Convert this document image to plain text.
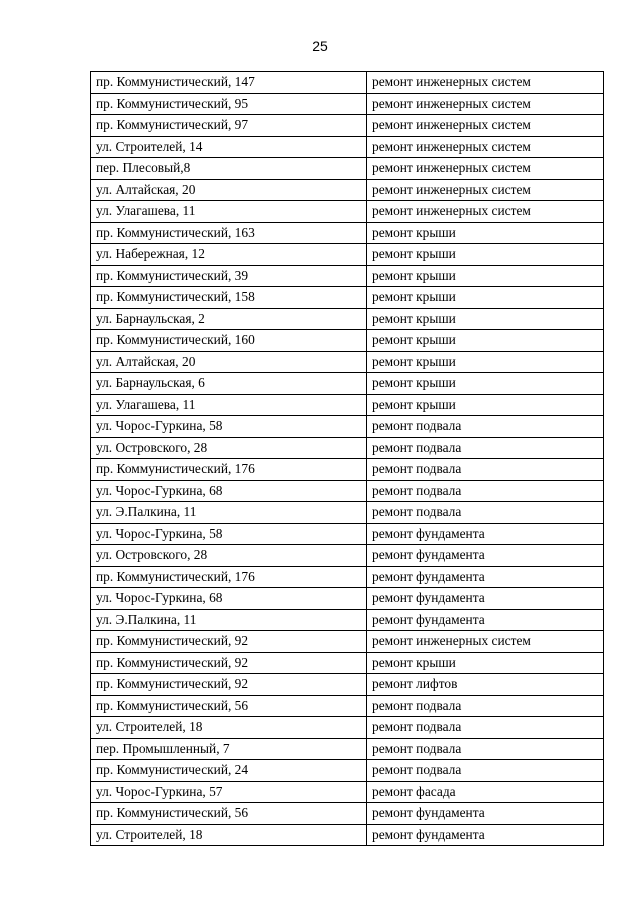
25
пр. Коммунистический, 147	ремонт инженерных систем
пр. Коммунистический, 95	ремонт инженерных систем
пр. Коммунистический, 97	ремонт инженерных систем
ул. Строителей, 14	ремонт инженерных систем
пер. Плесовый,8	ремонт инженерных систем
ул. Алтайская, 20	ремонт инженерных систем
ул. Улагашева, 11	ремонт инженерных систем
пр. Коммунистический, 163	ремонт крыши
ул. Набережная, 12	ремонт крыши
пр. Коммунистический, 39	ремонт крыши
пр. Коммунистический, 158	ремонт крыши
ул. Барнаульская, 2	ремонт крыши
пр. Коммунистический, 160	ремонт крыши
ул. Алтайская, 20	ремонт крыши
ул. Барнаульская, 6	ремонт крыши
ул. Улагашева, 11	ремонт крыши
ул. Чорос-Гуркина, 58	ремонт подвала
ул. Островского, 28	ремонт подвала
пр. Коммунистический, 176	ремонт подвала
ул. Чорос-Гуркина, 68	ремонт подвала
ул. Э.Палкина, 11	ремонт подвала
ул. Чорос-Гуркина, 58	ремонт фундамента
ул. Островского, 28	ремонт фундамента
пр. Коммунистический, 176	ремонт фундамента
ул. Чорос-Гуркина, 68	ремонт фундамента
ул. Э.Палкина, 11	ремонт фундамента
пр. Коммунистический, 92	ремонт инженерных систем
пр. Коммунистический, 92	ремонт крыши
пр. Коммунистический, 92	ремонт лифтов
пр. Коммунистический, 56	ремонт подвала
ул. Строителей, 18	ремонт подвала
пер. Промышленный, 7	ремонт подвала
пр. Коммунистический, 24	ремонт подвала
ул. Чорос-Гуркина, 57	ремонт фасада
пр. Коммунистический, 56	ремонт фундамента
ул. Строителей, 18	ремонт фундамента
